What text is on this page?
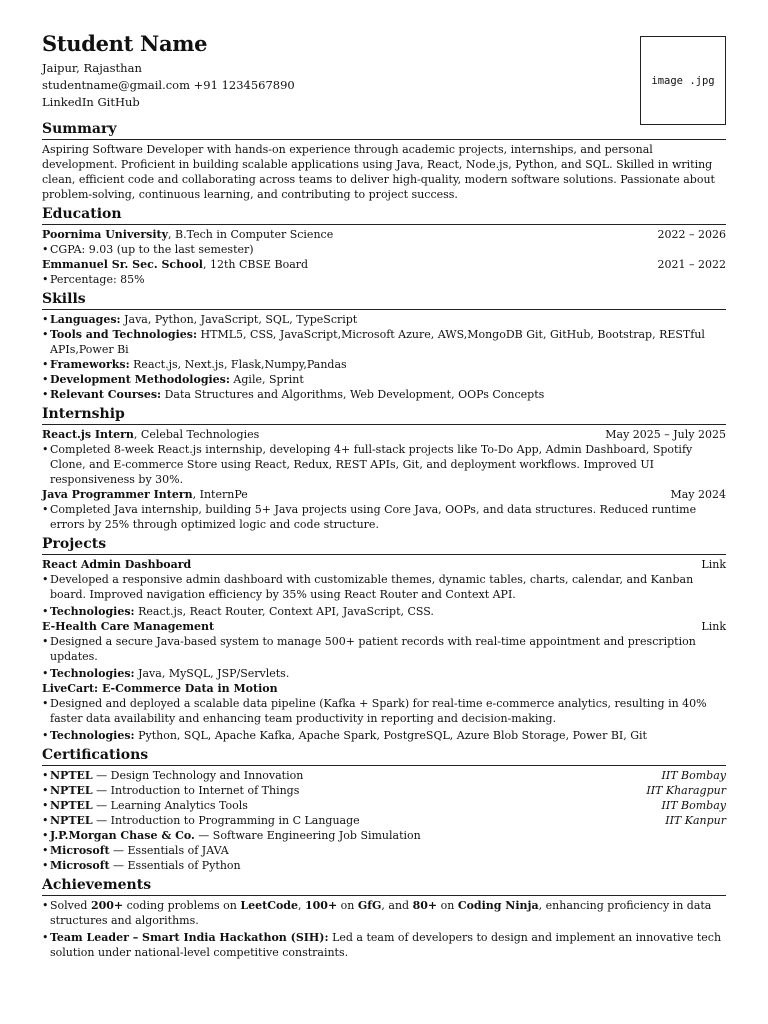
Student Name
Jaipur, Rajasthan
studentname@gmail.com +91 1234567890
LinkedIn GitHub
image .jpg
Summary

Aspiring Software Developer with hands-on experience through academic projects, internships, and personal development. Proficient in building scalable applications using Java, React, Node.js, Python, and SQL. Skilled in writing clean, efficient code and collaborating across teams to deliver high-quality, modern software solutions. Passionate about problem-solving, continuous learning, and contributing to project success.

Education
Poornima University, B.Tech in Computer Science	2022 – 2026
• CGPA: 9.03 (up to the last semester)
Emmanuel Sr. Sec. School, 12th CBSE Board	2021 – 2022
• Percentage: 85%
Skills
• Languages: Java, Python, JavaScript, SQL, TypeScript
• Tools and Technologies: HTML5, CSS, JavaScript,Microsoft Azure, AWS,MongoDB Git, GitHub, Bootstrap, RESTful APIs,Power Bi
• Frameworks: React.js, Next.js, Flask,Numpy,Pandas
• Development Methodologies: Agile, Sprint
• Relevant Courses: Data Structures and Algorithms, Web Development, OOPs Concepts
Internship
React.js Intern, Celebal Technologies	May 2025 – July 2025
• Completed 8-week React.js internship, developing 4+ full-stack projects like To-Do App, Admin Dashboard, Spotify Clone, and E-commerce Store using React, Redux, REST APIs, Git, and deployment workflows. Improved UI responsiveness by 30%.
Java Programmer Intern, InternPe	May 2024
• Completed Java internship, building 5+ Java projects using Core Java, OOPs, and data structures. Reduced runtime errors by 25% through optimized logic and code structure.
Projects
React Admin Dashboard	Link
• Developed a responsive admin dashboard with customizable themes, dynamic tables, charts, calendar, and Kanban board. Improved navigation efficiency by 35% using React Router and Context API.
• Technologies: React.js, React Router, Context API, JavaScript, CSS.
E-Health Care Management	Link
• Designed a secure Java-based system to manage 500+ patient records with real-time appointment and prescription updates.
• Technologies: Java, MySQL, JSP/Servlets.
LiveCart: E-Commerce Data in Motion
• Designed and deployed a scalable data pipeline (Kafka + Spark) for real-time e-commerce analytics, resulting in 40% faster data availability and enhancing team productivity in reporting and decision-making.
• Technologies: Python, SQL, Apache Kafka, Apache Spark, PostgreSQL, Azure Blob Storage, Power BI, Git
Certifications
• NPTEL — Design Technology and Innovation	IIT Bombay
• NPTEL — Introduction to Internet of Things	IIT Kharagpur
• NPTEL — Learning Analytics Tools	IIT Bombay
• NPTEL — Introduction to Programming in C Language	IIT Kanpur
• J.P.Morgan Chase & Co. — Software Engineering Job Simulation
• Microsoft — Essentials of JAVA
• Microsoft — Essentials of Python
Achievements
• Solved 200+ coding problems on LeetCode, 100+ on GfG, and 80+ on Coding Ninja, enhancing proficiency in data structures and algorithms.
• Team Leader – Smart India Hackathon (SIH): Led a team of developers to design and implement an innovative tech solution under national-level competitive constraints.
